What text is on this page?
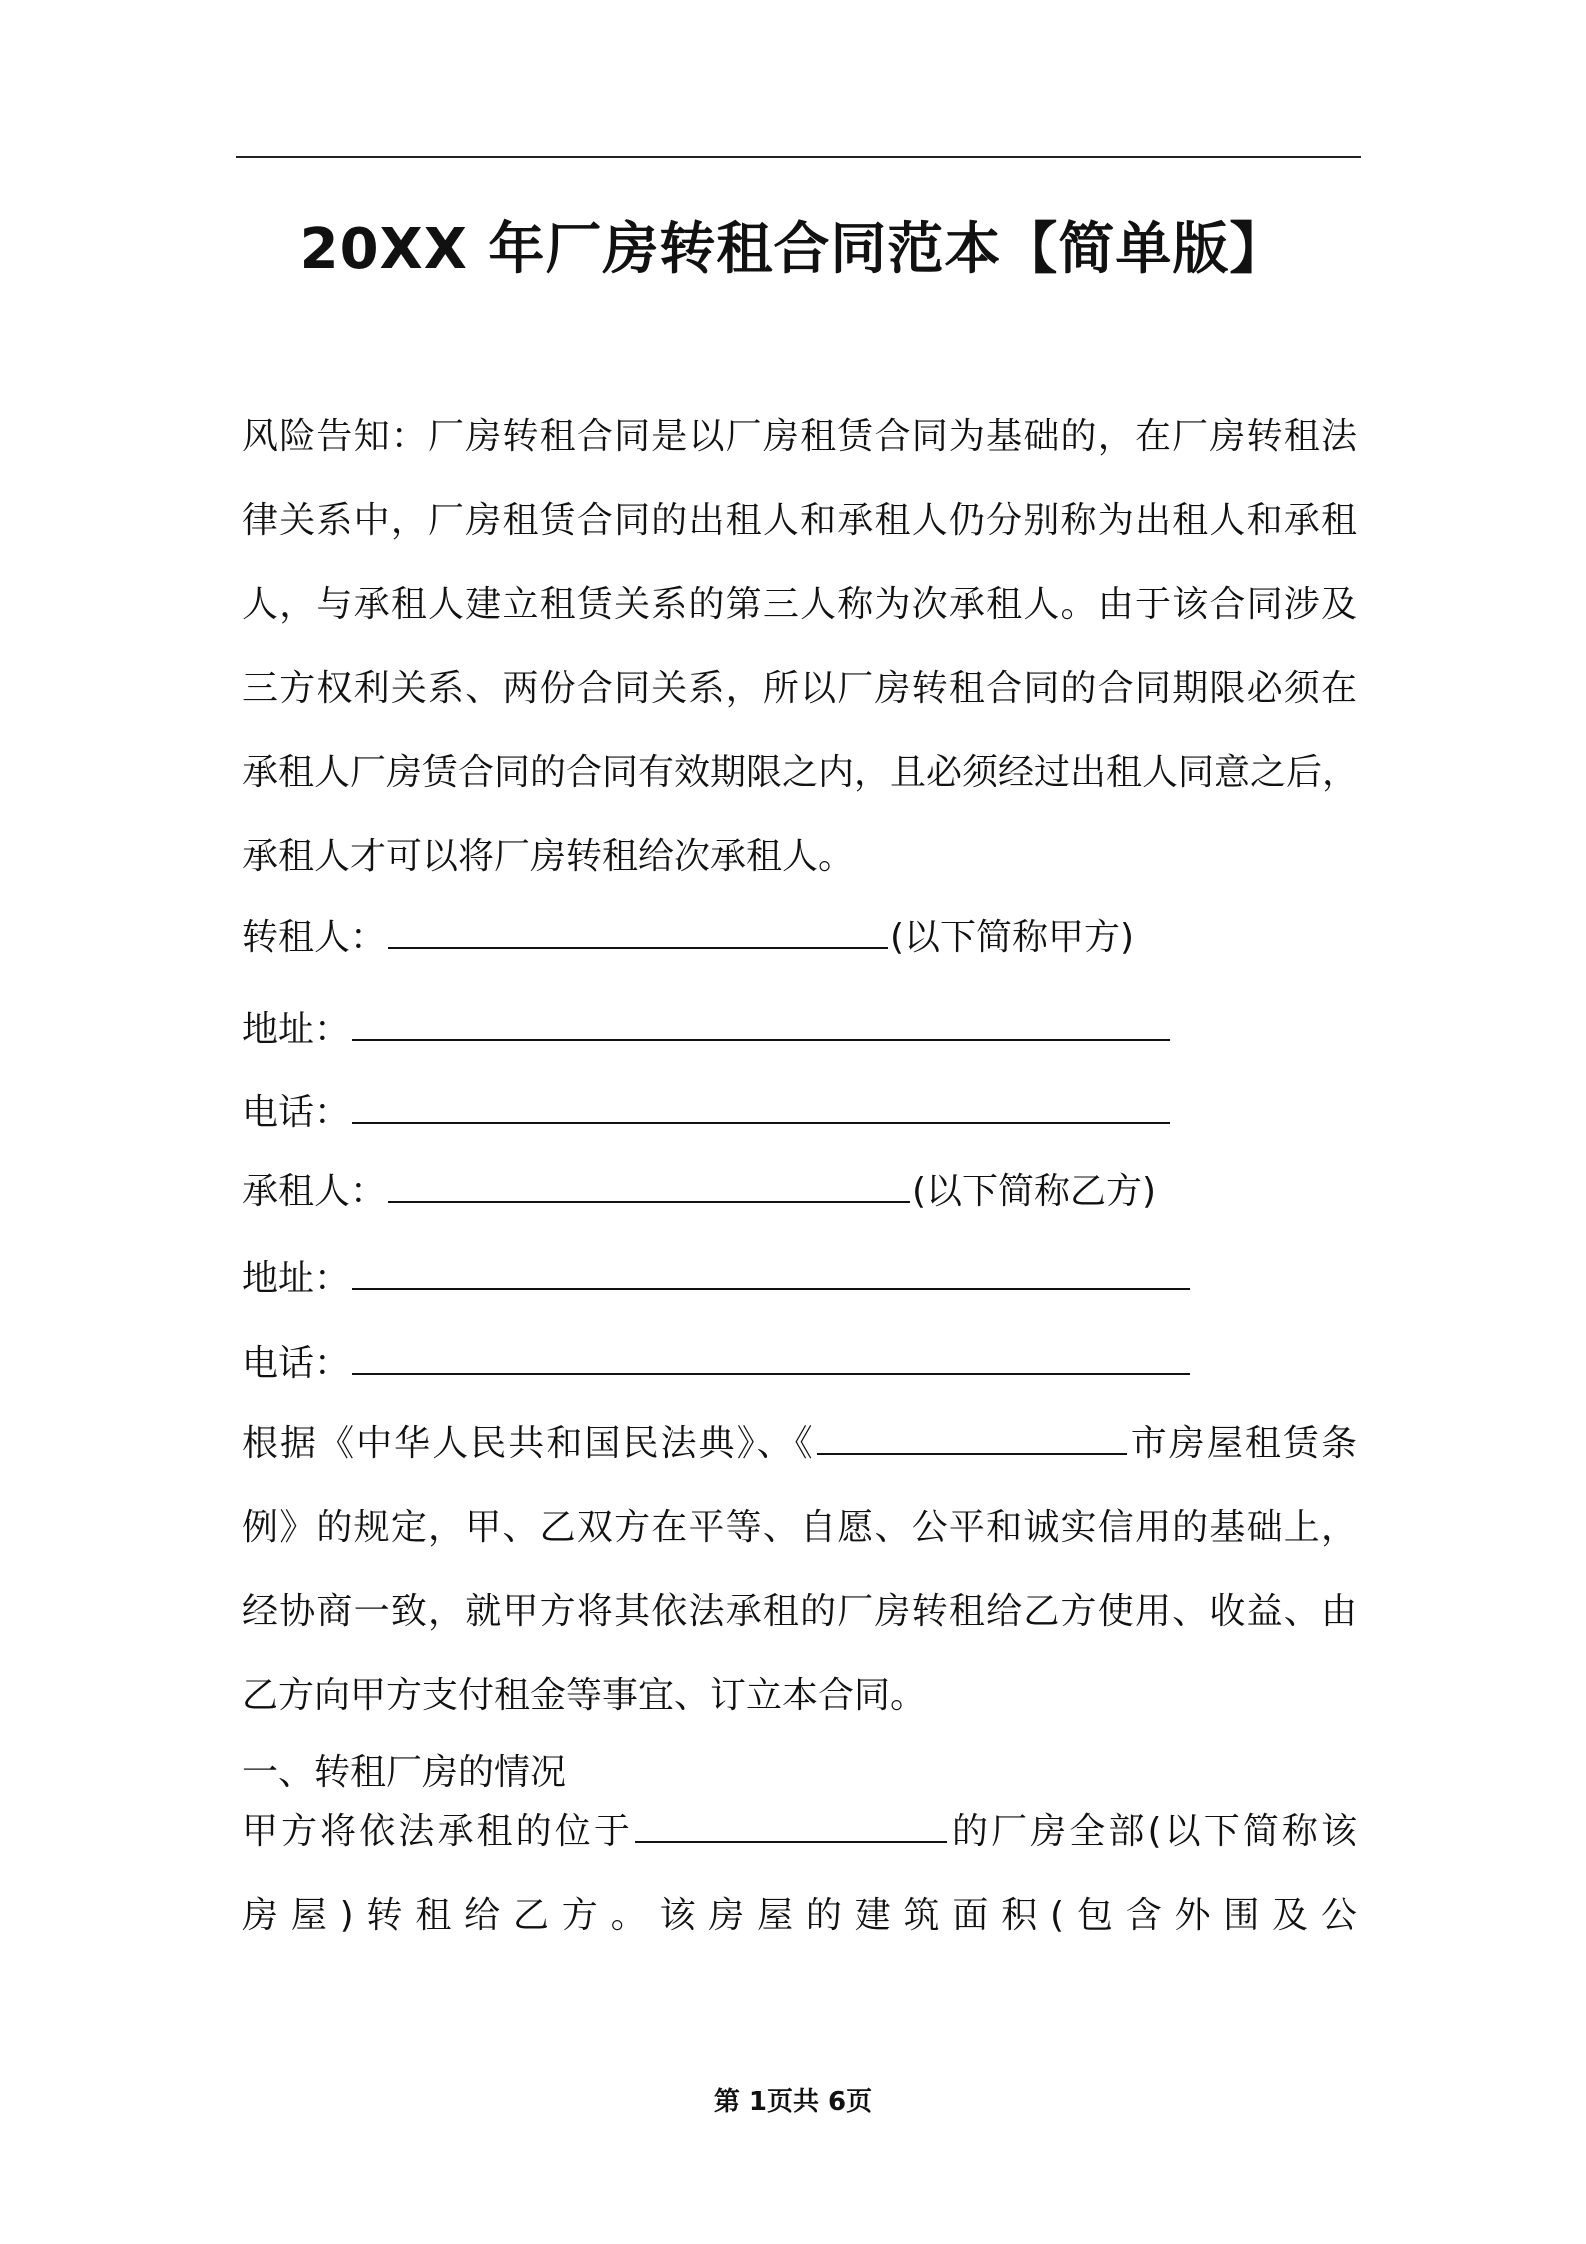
20XX 年厂房转租合同范本【简单版】
风险告知：厂房转租合同是以厂房租赁合同为基础的，在厂房转租法
律关系中，厂房租赁合同的出租人和承租人仍分别称为出租人和承租
人，与承租人建立租赁关系的第三人称为次承租人。由于该合同涉及
三方权利关系、两份合同关系，所以厂房转租合同的合同期限必须在
承租人厂房赁合同的合同有效期限之内，且必须经过出租人同意之后，
承租人才可以将厂房转租给次承租人。
转租人：	(以下简称甲方)
地址：
电话：
承租人：	(以下简称乙方)
地址：
电话：
根据《中华人民共和国民法典》、《	市房屋租赁条
例》的规定，甲、乙双方在平等、自愿、公平和诚实信用的基础上，
经协商一致，就甲方将其依法承租的厂房转租给乙方使用、收益、由
乙方向甲方支付租金等事宜、订立本合同。
一、转租厂房的情况
甲方将依法承租的位于	的厂房全部(以下简称该
房屋)转租给乙方。该房屋的建筑面积(包含外围及公
第 1页共 6页
